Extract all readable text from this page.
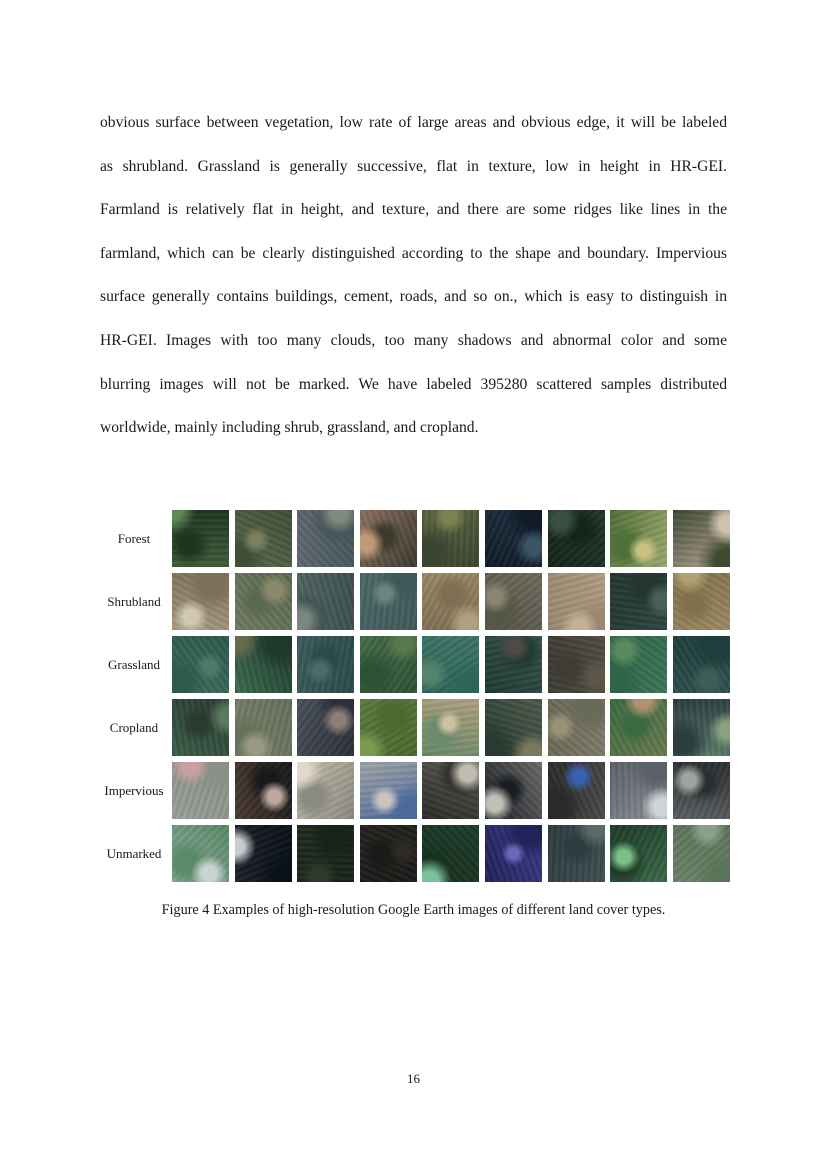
obvious surface between vegetation, low rate of large areas and obvious edge, it will be labeled
as shrubland. Grassland is generally successive, flat in texture, low in height in HR-GEI.
Farmland is relatively flat in height, and texture, and there are some ridges like lines in the
farmland, which can be clearly distinguished according to the shape and boundary. Impervious
surface generally contains buildings, cement, roads, and so on., which is easy to distinguish in
HR-GEI. Images with too many clouds, too many shadows and abnormal color and some
blurring images will not be marked. We have labeled 395280 scattered samples distributed
worldwide, mainly including shrub, grassland, and cropland.
Forest
Shrubland
Grassland
Cropland
Impervious
Unmarked
Figure 4 Examples of high-resolution Google Earth images of different land cover types.
16
